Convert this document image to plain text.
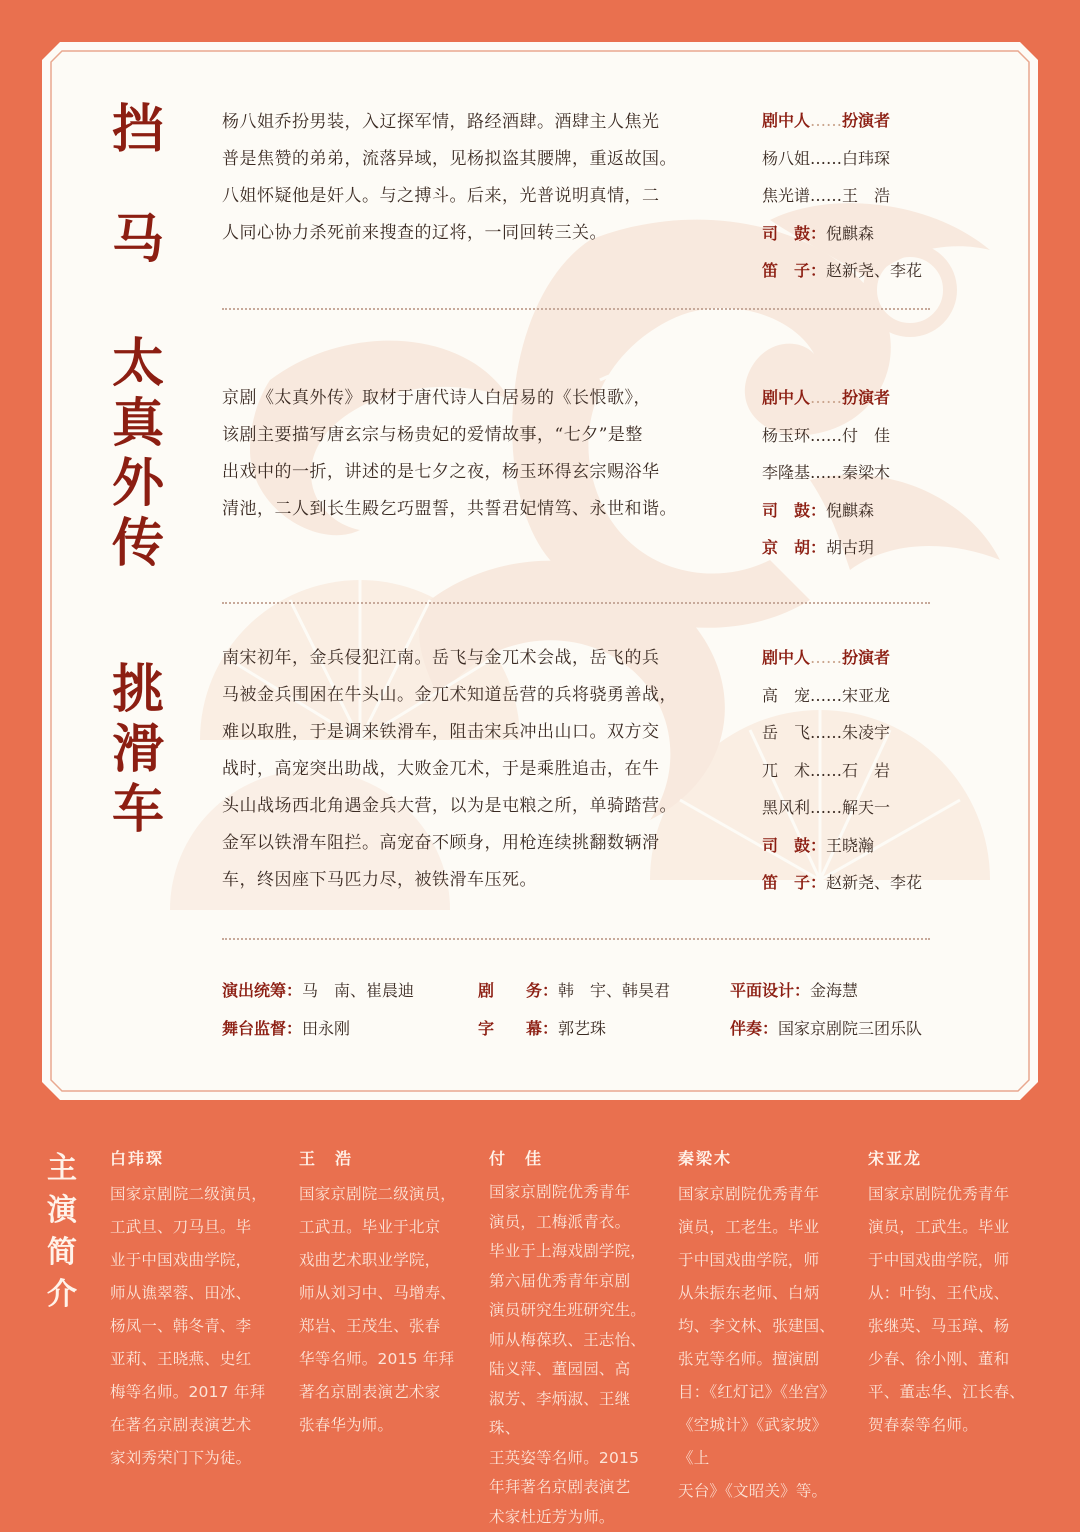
挡
马
杨八姐乔扮男装，入辽探军情，路经酒肆。酒肆主人焦光
普是焦赞的弟弟，流落异域，见杨拟盗其腰牌，重返故国。
八姐怀疑他是奸人。与之搏斗。后来，光普说明真情，二
人同心协力杀死前来搜查的辽将，一同回转三关。
剧中人……扮演者
杨八姐……白玮琛
焦光谱……王　浩
司　鼓：倪麒森
笛　子：赵新尧、李花
太
真
外
传
京剧《太真外传》取材于唐代诗人白居易的《长恨歌》，
该剧主要描写唐玄宗与杨贵妃的爱情故事，“七夕”是整
出戏中的一折，讲述的是七夕之夜，杨玉环得玄宗赐浴华
清池，二人到长生殿乞巧盟誓，共誓君妃情笃、永世和谐。
剧中人……扮演者
杨玉环……付　佳
李隆基……秦梁木
司　鼓：倪麒森
京　胡：胡古玥
挑
滑
车
南宋初年，金兵侵犯江南。岳飞与金兀术会战，岳飞的兵
马被金兵围困在牛头山。金兀术知道岳营的兵将骁勇善战，
难以取胜，于是调来铁滑车，阻击宋兵冲出山口。双方交
战时，高宠突出助战，大败金兀术，于是乘胜追击，在牛
头山战场西北角遇金兵大营，以为是屯粮之所，单骑踏营。
金军以铁滑车阻拦。高宠奋不顾身，用枪连续挑翻数辆滑
车，终因座下马匹力尽，被铁滑车压死。
剧中人……扮演者
高　宠……宋亚龙
岳　飞……朱凌宇
兀　术……石　岩
黑风利……解天一
司　鼓：王晓瀚
笛　子：赵新尧、李花
演出统筹：马　南、崔晨迪	剧　　务：韩　宇、韩昊君	平面设计：金海慧
舞台监督：田永刚	字　　幕：郭艺珠	伴奏：国家京剧院三团乐队
主
演
简
介
白玮琛
国家京剧院二级演员，
工武旦、刀马旦。毕
业于中国戏曲学院，
师从谯翠蓉、田冰、
杨凤一、韩冬青、李
亚莉、王晓燕、史红
梅等名师。2017 年拜
在著名京剧表演艺术
家刘秀荣门下为徒。
王　浩
国家京剧院二级演员，
工武丑。毕业于北京
戏曲艺术职业学院，
师从刘习中、马增寿、
郑岩、王茂生、张春
华等名师。2015 年拜
著名京剧表演艺术家
张春华为师。
付　佳
国家京剧院优秀青年
演员，工梅派青衣。
毕业于上海戏剧学院，
第六届优秀青年京剧
演员研究生班研究生。
师从梅葆玖、王志怡、
陆义萍、董园园、高
淑芳、李炳淑、王继珠、
王英姿等名师。2015
年拜著名京剧表演艺
术家杜近芳为师。
秦梁木
国家京剧院优秀青年
演员，工老生。毕业
于中国戏曲学院，师
从朱振东老师、白炳
均、李文林、张建国、
张克等名师。擅演剧
目：《红灯记》《坐宫》
《空城计》《武家坡》《上
天台》《文昭关》等。
宋亚龙
国家京剧院优秀青年
演员，工武生。毕业
于中国戏曲学院，师
从：叶钧、王代成、
张继英、马玉璋、杨
少春、徐小刚、董和
平、董志华、江长春、
贺春泰等名师。
